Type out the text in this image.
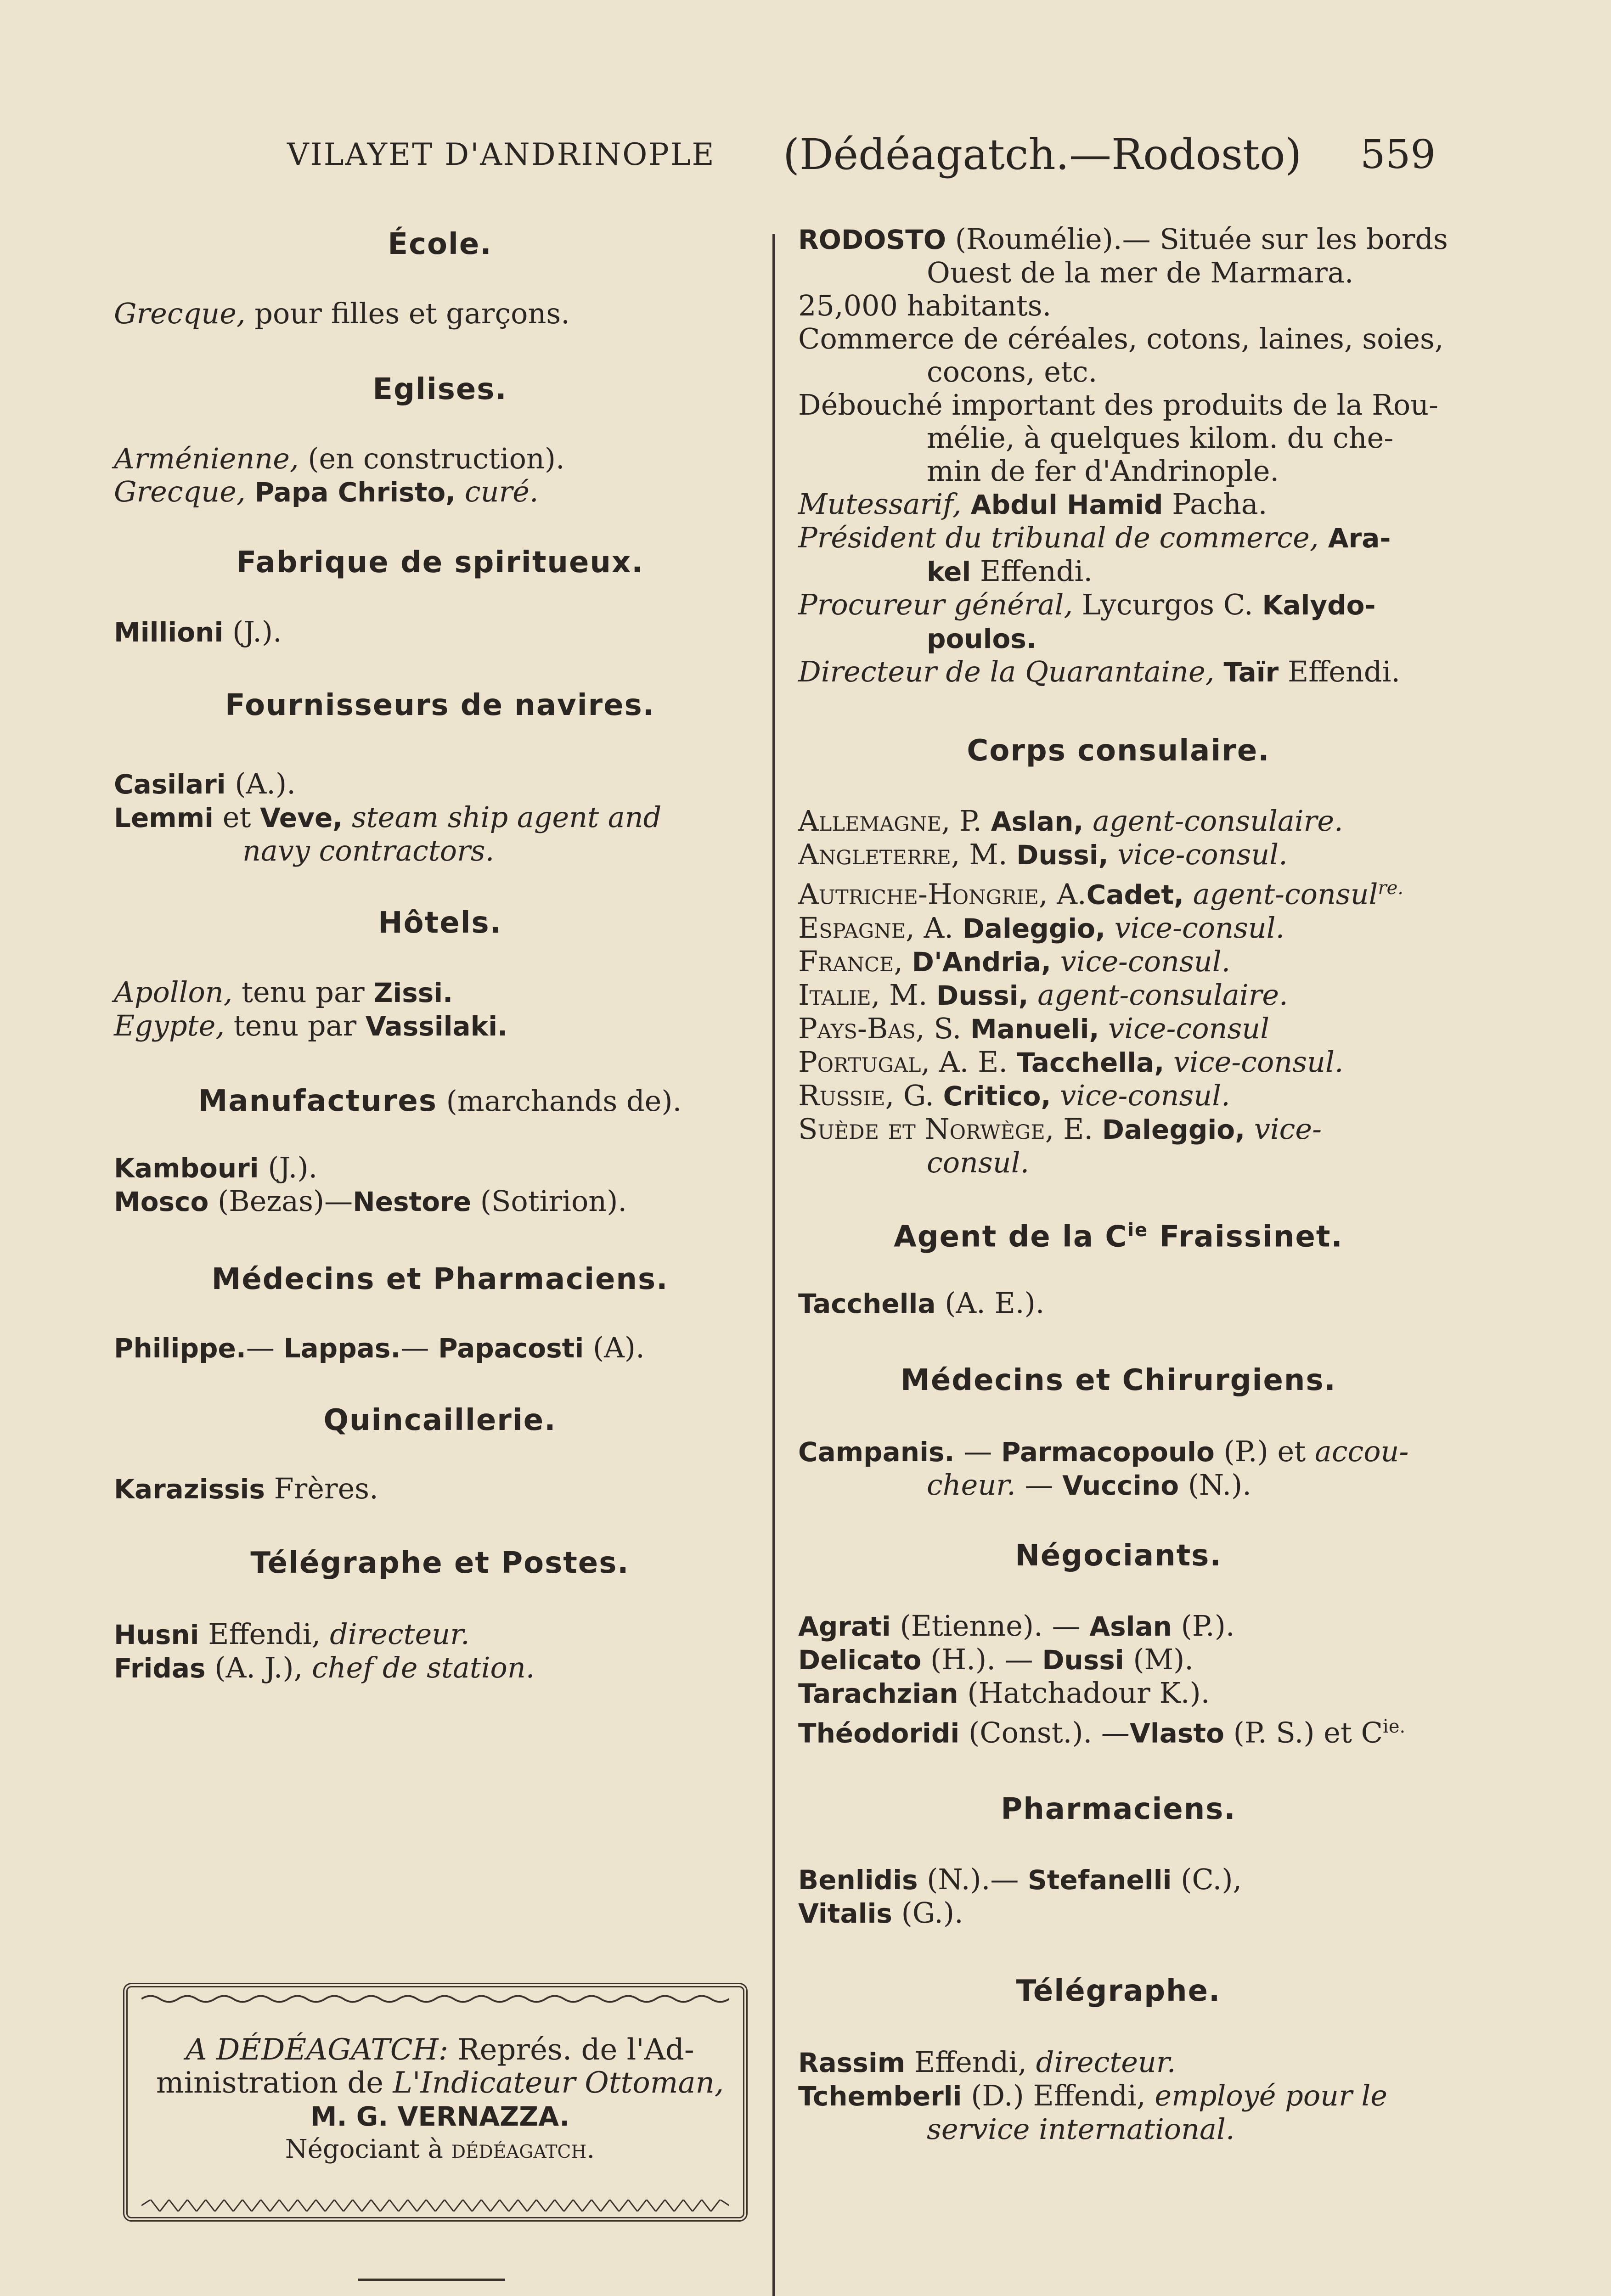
VILAYET D'ANDRINOPLE (Dédéagatch.—Rodosto) 559

École.

Grecque, pour filles et garçons.

Eglises.

Arménienne, (en construction).

Grecque, Papa Christo, curé.

Fabrique de spiritueux.

Millioni (J.).

Fournisseurs de navires.

Casilari (A.).

Lemmi et Veve, steam ship agent and

navy contractors.

Hôtels.

Apollon, tenu par Zissi.

Egypte, tenu par Vassilaki.

Manufactures (marchands de).

Kambouri (J.).

Mosco (Bezas)—Nestore (Sotirion).

Médecins et Pharmaciens.

Philippe.— Lappas.— Papacosti (A).

Quincaillerie.

Karazissis Frères.

Télégraphe et Postes.

Husni Effendi, directeur.

Fridas (A. J.), chef de station.

A DÉDÉAGATCH: Représ. de l'Ad-
ministration de L'Indicateur Ottoman,
M. G. VERNAZZA.
Négociant à dédéagatch.

RODOSTO (Roumélie).— Située sur les bords

Ouest de la mer de Marmara.

25,000 habitants.

Commerce de céréales, cotons, laines, soies,

cocons, etc.

Débouché important des produits de la Rou-

mélie, à quelques kilom. du che-

min de fer d'Andrinople.

Mutessarif, Abdul Hamid Pacha.

Président du tribunal de commerce, Ara-

kel Effendi.

Procureur général, Lycurgos C. Kalydo-

poulos.

Directeur de la Quarantaine, Taïr Effendi.

Corps consulaire.

Allemagne, P. Aslan, agent-consulaire.

Angleterre, M. Dussi, vice-consul.

Autriche-Hongrie, A.Cadet, agent-consul$^{re.}$

Espagne, A. Daleggio, vice-consul.

France, D'Andria, vice-consul.

Italie, M. Dussi, agent-consulaire.

Pays-Bas, S. Manueli, vice-consul

Portugal, A. E. Tacchella, vice-consul.

Russie, G. Critico, vice-consul.

Suède et Norwège, E. Daleggio, vice-

consul.

Agent de la $C^{ie}$ Fraissinet.

Tacchella (A. E.).

Médecins et Chirurgiens.

Campanis. — Parmacopoulo (P.) et accou-

cheur. — Vuccino (N.).

Négociants.

Agrati (Etienne). — Aslan (P.).

Delicato (H.). — Dussi (M).

Tarachzian (Hatchadour K.).

Théodoridi (Const.). —Vlasto (P. S.) et $C^{ie.}$

Pharmaciens.

Benlidis (N.).— Stefanelli (C.),

Vitalis (G.).

Télégraphe.

Rassim Effendi, directeur.

Tchemberli (D.) Effendi, employé pour le

service international.
